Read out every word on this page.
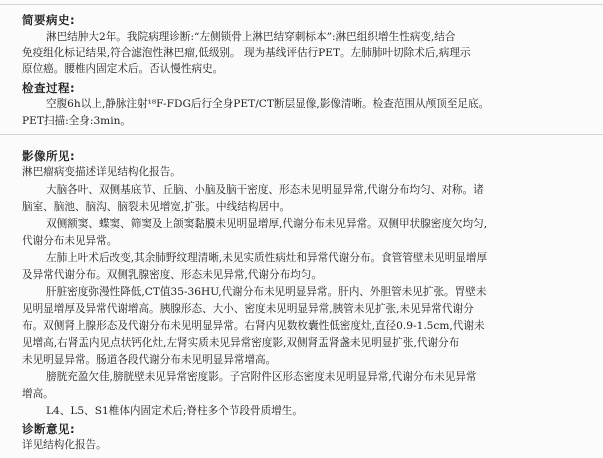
简要病史:
淋巴结肿大2年。我院病理诊断:“左侧锁骨上淋巴结穿刺标本”:淋巴组织增生性病变,结合
免疫组化标记结果,符合滤泡性淋巴瘤,低级别。 现为基线评估行PET。左肺肺叶切除术后,病理示
原位癌。腰椎内固定术后。否认慢性病史。
检查过程:
空腹6h以上,静脉注射¹⁸F-FDG后行全身PET/CT断层显像,影像清晰。检查范围从颅顶至足底。
PET扫描:全身:3min。
影像所见:
淋巴瘤病变描述详见结构化报告。
大脑各叶、双侧基底节、丘脑、小脑及脑干密度、形态未见明显异常,代谢分布均匀、对称。诸
脑室、脑池、脑沟、脑裂未见增宽,扩张。中线结构居中。
双侧额窦、蝶窦、筛窦及上颌窦黏膜未见明显增厚,代谢分布未见异常。双侧甲状腺密度欠均匀,
代谢分布未见异常。
左肺上叶术后改变,其余肺野纹理清晰,未见实质性病灶和异常代谢分布。食管管壁未见明显增厚
及异常代谢分布。双侧乳腺密度、形态未见异常,代谢分布均匀。
肝脏密度弥漫性降低,CT值35-36HU,代谢分布未见明显异常。肝内、外胆管未见扩张。胃壁未
见明显增厚及异常代谢增高。胰腺形态、大小、密度未见明显异常,胰管未见扩张,未见异常代谢分
布。双侧肾上腺形态及代谢分布未见明显异常。右肾内见数枚囊性低密度灶,直径0.9-1.5cm,代谢未
见增高,右肾盂内见点状钙化灶,左肾实质未见异常密度影,双侧肾盂肾盏未见明显扩张,代谢分布
未见明显异常。肠道各段代谢分布未见明显异常增高。
膀胱充盈欠佳,膀胱壁未见异常密度影。子宫附件区形态密度未见明显异常,代谢分布未见异常
增高。
L4、L5、S1椎体内固定术后;脊柱多个节段骨质增生。
诊断意见:
详见结构化报告。
